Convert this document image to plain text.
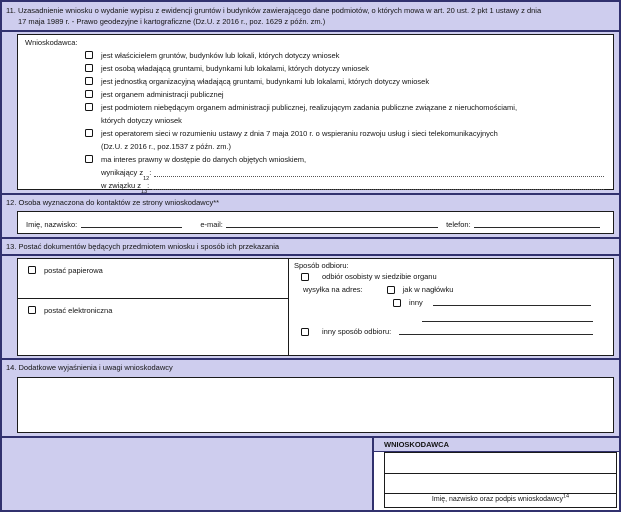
11. Uzasadnienie wniosku o wydanie wypisu z ewidencji gruntów i budynków zawierającego dane podmiotów, o których mowa w art. 20 ust. 2 pkt 1 ustawy z dnia
17 maja 1989 r. - Prawo geodezyjne i kartograficzne (Dz.U. z 2016 r., poz. 1629 z późn. zm.)
Wnioskodawca:
jest właścicielem gruntów, budynków lub lokali, których dotyczy wniosek
jest osobą władającą gruntami, budynkami lub lokalami, których dotyczy wniosek
jest jednostką organizacyjną władającą gruntami, budynkami lub lokalami, których dotyczy wniosek
jest organem administracji publicznej
jest podmiotem niebędącym organem administracji publicznej, realizującym zadania publiczne związane z nieruchomościami,
których dotyczy wniosek
jest operatorem sieci w rozumieniu ustawy z dnia 7 maja 2010 r. o wspieraniu rozwoju usług i sieci telekomunikacyjnych
(Dz.U. z 2016 r., poz.1537 z późn. zm.)
ma interes prawny w dostępie do danych objętych wnioskiem,
wynikający z
12
:
w związku z
13
:
12. Osoba wyznaczona do kontaktów ze strony wnioskodawcy**
Imię, nazwisko:	e-mail:	telefon:
13. Postać dokumentów będących przedmiotem wniosku i sposób ich przekazania
postać papierowa
postać elektroniczna
Sposób odbioru:
odbiór osobisty w siedzibie organu
wysyłka na adres:	jak w nagłówku
inny
inny sposób odbioru:
14. Dodatkowe wyjaśnienia i uwagi wnioskodawcy
WNIOSKODAWCA
Imię, nazwisko oraz podpis wnioskodawcy$^{14}$
